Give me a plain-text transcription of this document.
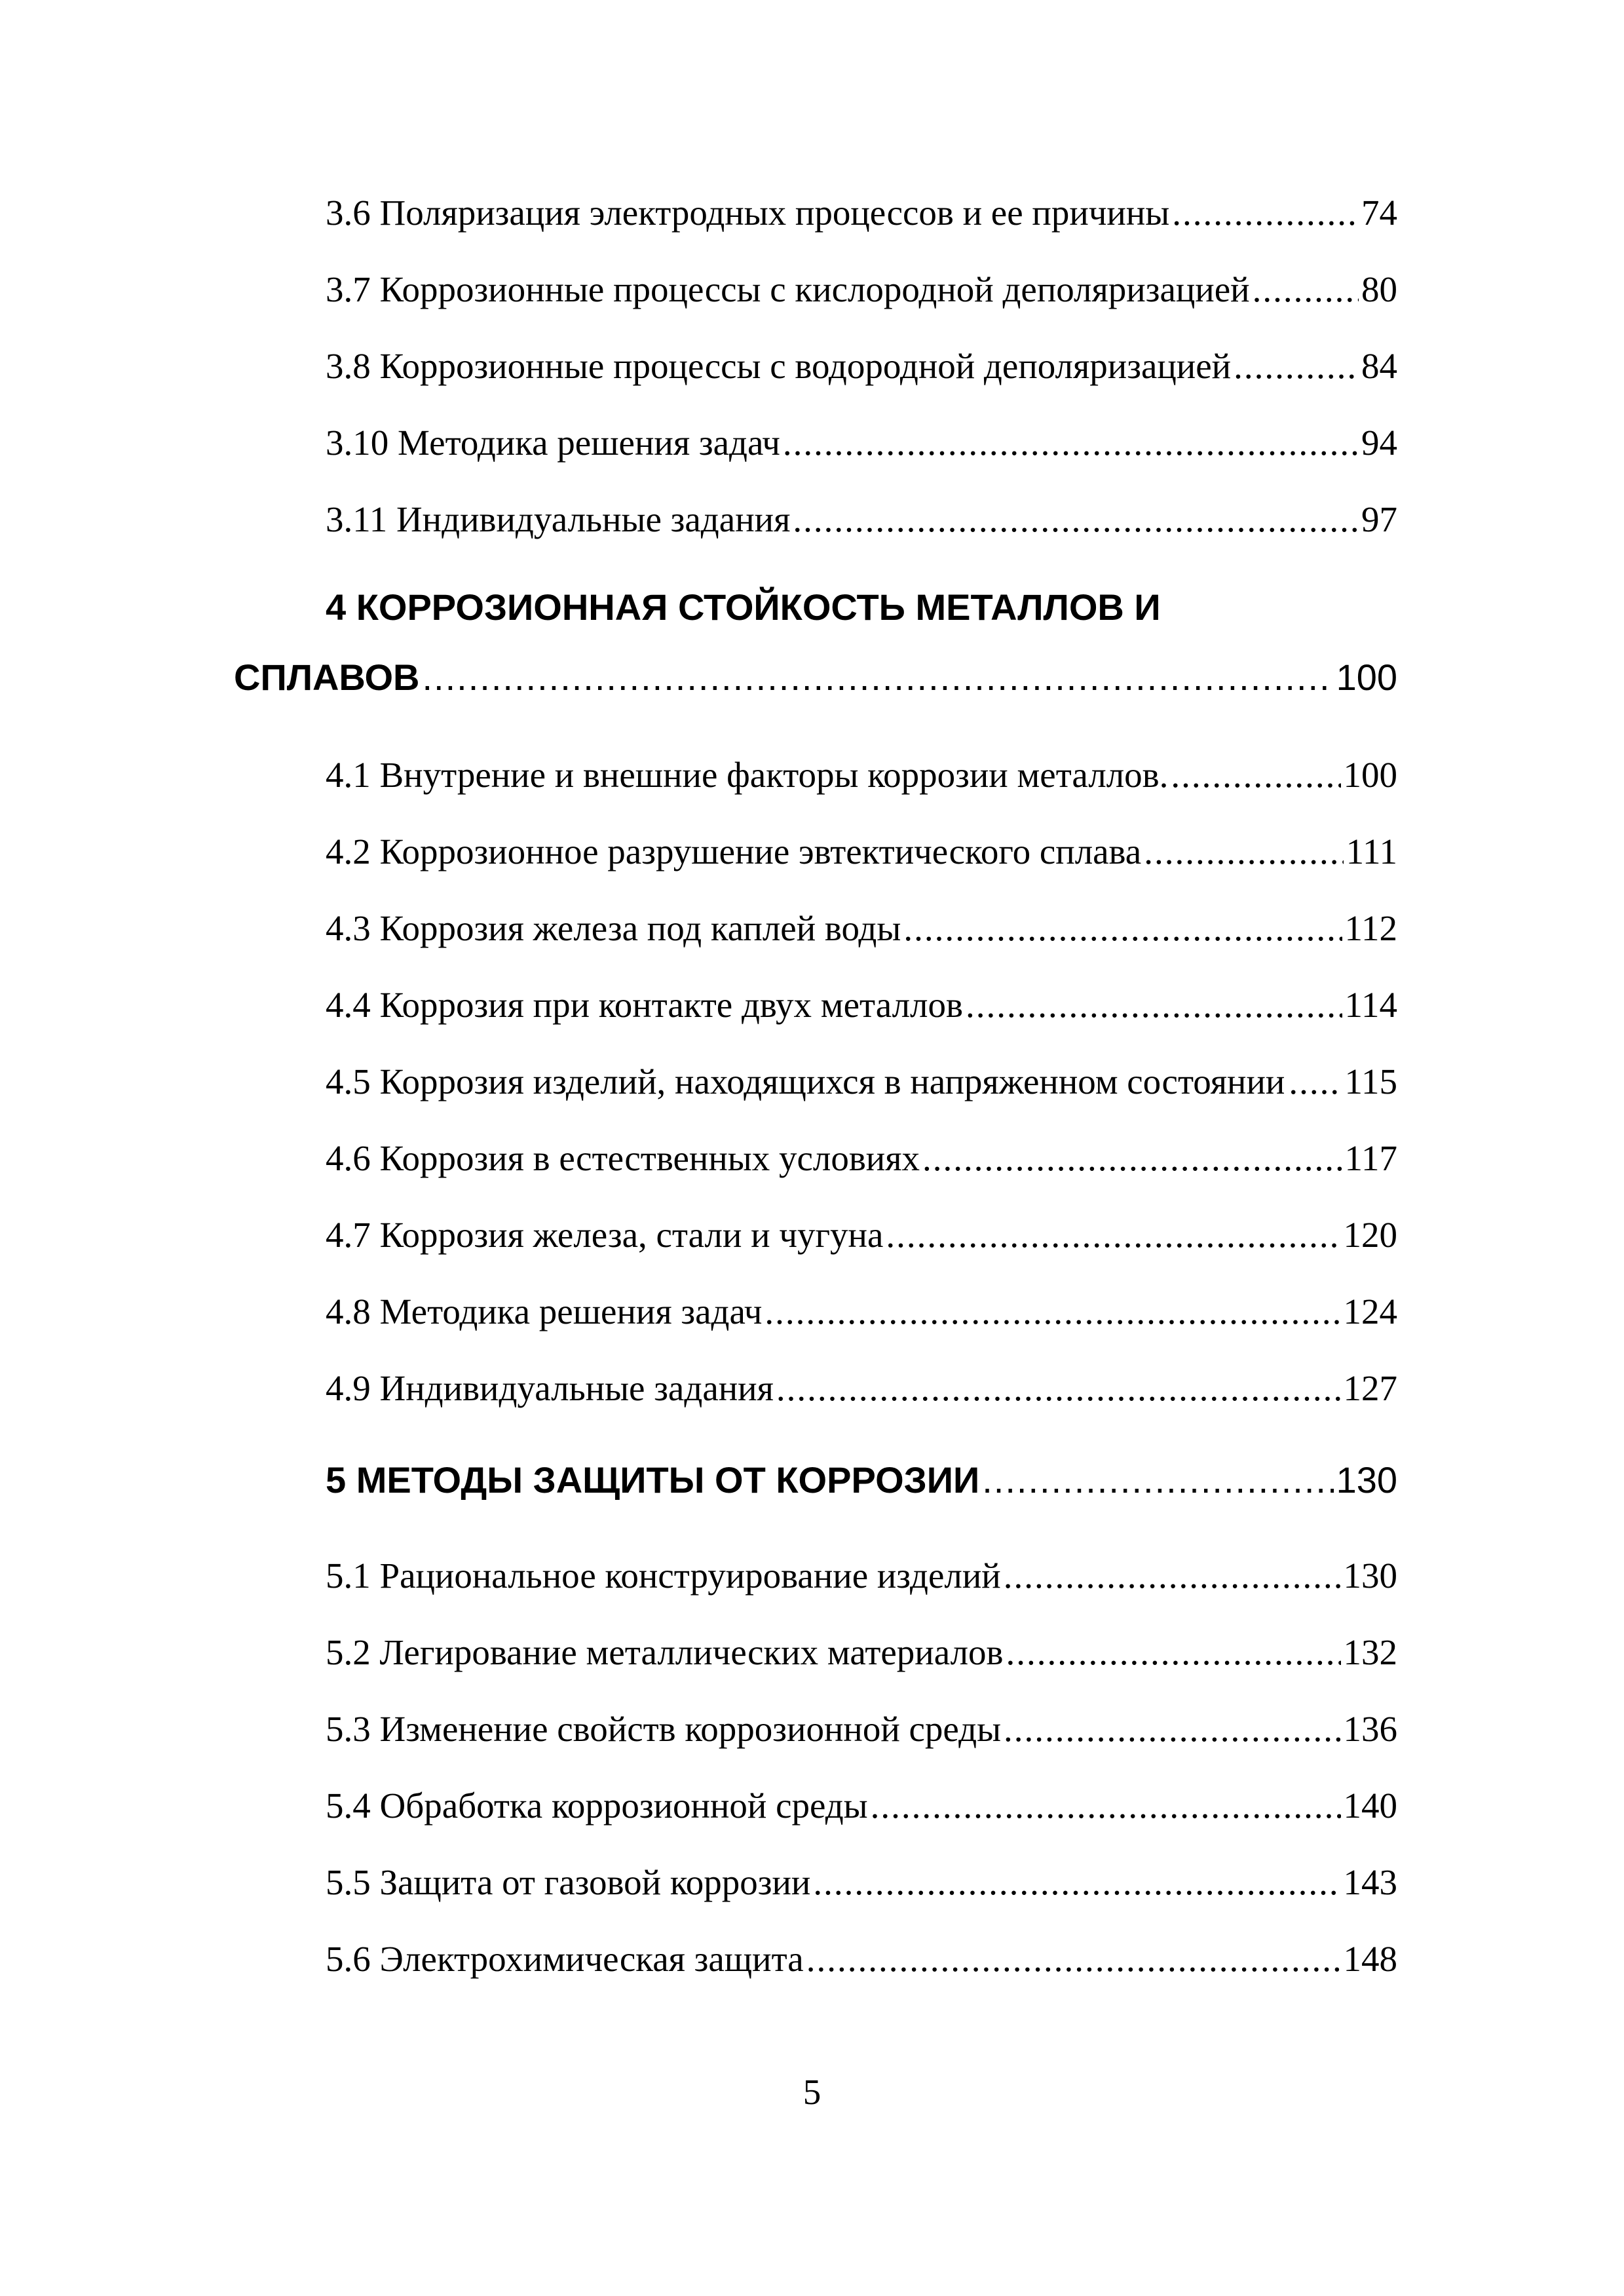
3.6 Поляризация электродных процессов и ее причины .....	74
3.7 Коррозионные процессы с кислородной деполяризацией .....	80
3.8 Коррозионные процессы с водородной деполяризацией .....	84
3.10 Методика решения задач .....	94
3.11 Индивидуальные задания .....	97
4 КОРРОЗИОННАЯ СТОЙКОСТЬ МЕТАЛЛОВ И
СПЛАВОВ .....	100
4.1 Внутрение и внешние факторы коррозии металлов. .....	100
4.2 Коррозионное разрушение эвтектического сплава .....	111
4.3 Коррозия железа под каплей воды .....	112
4.4 Коррозия при контакте двух металлов .....	114
4.5 Коррозия изделий, находящихся в напряженном состоянии ..... 115
4.6 Коррозия в естественных условиях .....	117
4.7 Коррозия железа, стали и чугуна .....	120
4.8 Методика решения задач .....	124
4.9 Индивидуальные задания .....	127
5 МЕТОДЫ ЗАЩИТЫ ОТ КОРРОЗИИ .....	130
5.1 Рациональное конструирование изделий .....	130
5.2 Легирование металлических материалов .....	132
5.3 Изменение свойств коррозионной среды .....	136
5.4 Обработка коррозионной среды .....	140
5.5 Защита от газовой коррозии .....	143
5.6 Электрохимическая защита .....	148
5
